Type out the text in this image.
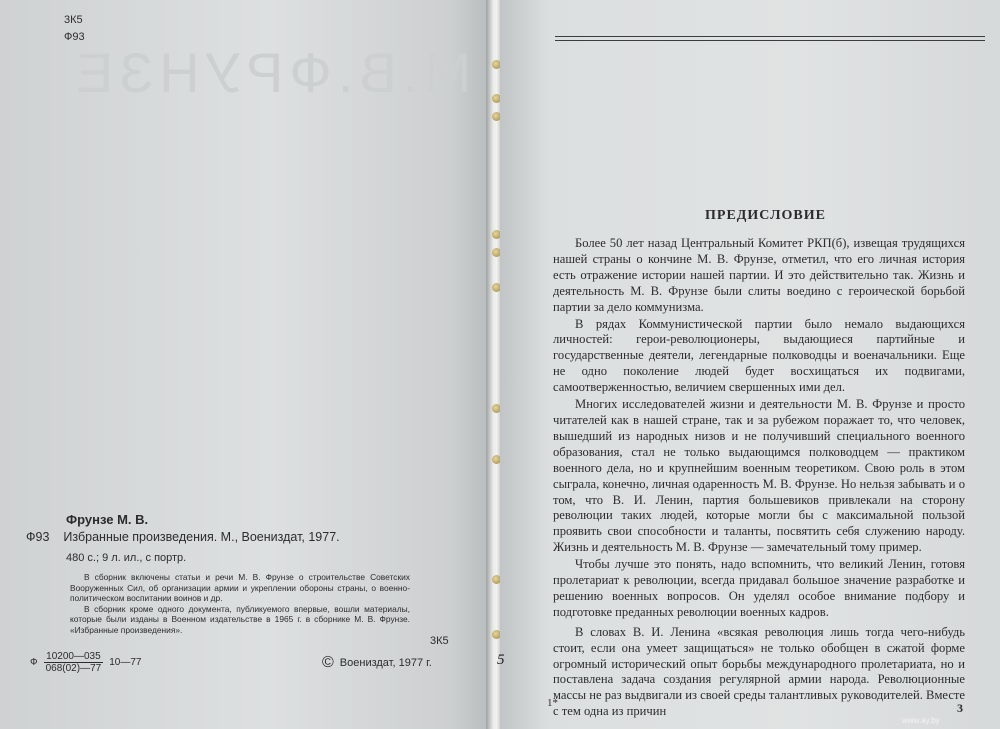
М.В.ФРУНЗЕ
3К5
Ф93
Фрунзе М. В.
Ф93 Избранные произведения. М., Воениздат, 1977.
480 с.; 9 л. ил., с портр.

В сборник включены статьи и речи М. В. Фрунзе о строительстве Советских Вооруженных Сил, об организации армии и укреплении обороны страны, о военно-политическом воспитании воинов и др.

В сборник кроме одного документа, публикуемого впервые, вошли материалы, которые были изданы в Военном издательстве в 1965 г. в сборнике М. В. Фрунзе. «Избранные произведения».

3К5
Ф $\frac{10200—035}{068(02)—77}$ 10—77	© Воениздат, 1977 г.
ПРЕДИСЛОВИЕ

Более 50 лет назад Центральный Комитет РКП(б), извещая трудящихся нашей страны о кончине М. В. Фрунзе, отметил, что его личная история есть отражение истории нашей партии. И это действительно так. Жизнь и деятельность М. В. Фрунзе были слиты воедино с героической борьбой партии за дело коммунизма.

В рядах Коммунистической партии было немало выдающихся личностей: герои-революционеры, выдающиеся партийные и государственные деятели, легендарные полководцы и военачальники. Еще не одно поколение людей будет восхищаться их подвигами, самоотверженностью, величием свершенных ими дел.

Многих исследователей жизни и деятельности М. В. Фрунзе и просто читателей как в нашей стране, так и за рубежом поражает то, что человек, вышедший из народных низов и не получивший специального военного образования, стал не только выдающимся полководцем — практиком военного дела, но и крупнейшим военным теоретиком. Свою роль в этом сыграла, конечно, личная одаренность М. В. Фрунзе. Но нельзя забывать и о том, что В. И. Ленин, партия большевиков привлекали на сторону революции таких людей, которые могли бы с максимальной пользой проявить свои способности и таланты, посвятить себя служению народу. Жизнь и деятельность М. В. Фрунзе — замечательный тому пример.

Чтобы лучше это понять, надо вспомнить, что великий Ленин, готовя пролетариат к революции, всегда придавал большое значение разработке и решению военных вопросов. Он уделял особое внимание подбору и подготовке преданных революции военных кадров.

В словах В. И. Ленина «всякая революция лишь тогда чего-нибудь стоит, если она умеет защищаться» не только обобщен в сжатой форме огромный исторический опыт борьбы международного пролетариата, но и поставлена задача создания регулярной армии народа. Революционные массы не раз выдвигали из своей среды талантливых руководителей. Вместе с тем одна из причин

5
1*	3
www.ay.by
